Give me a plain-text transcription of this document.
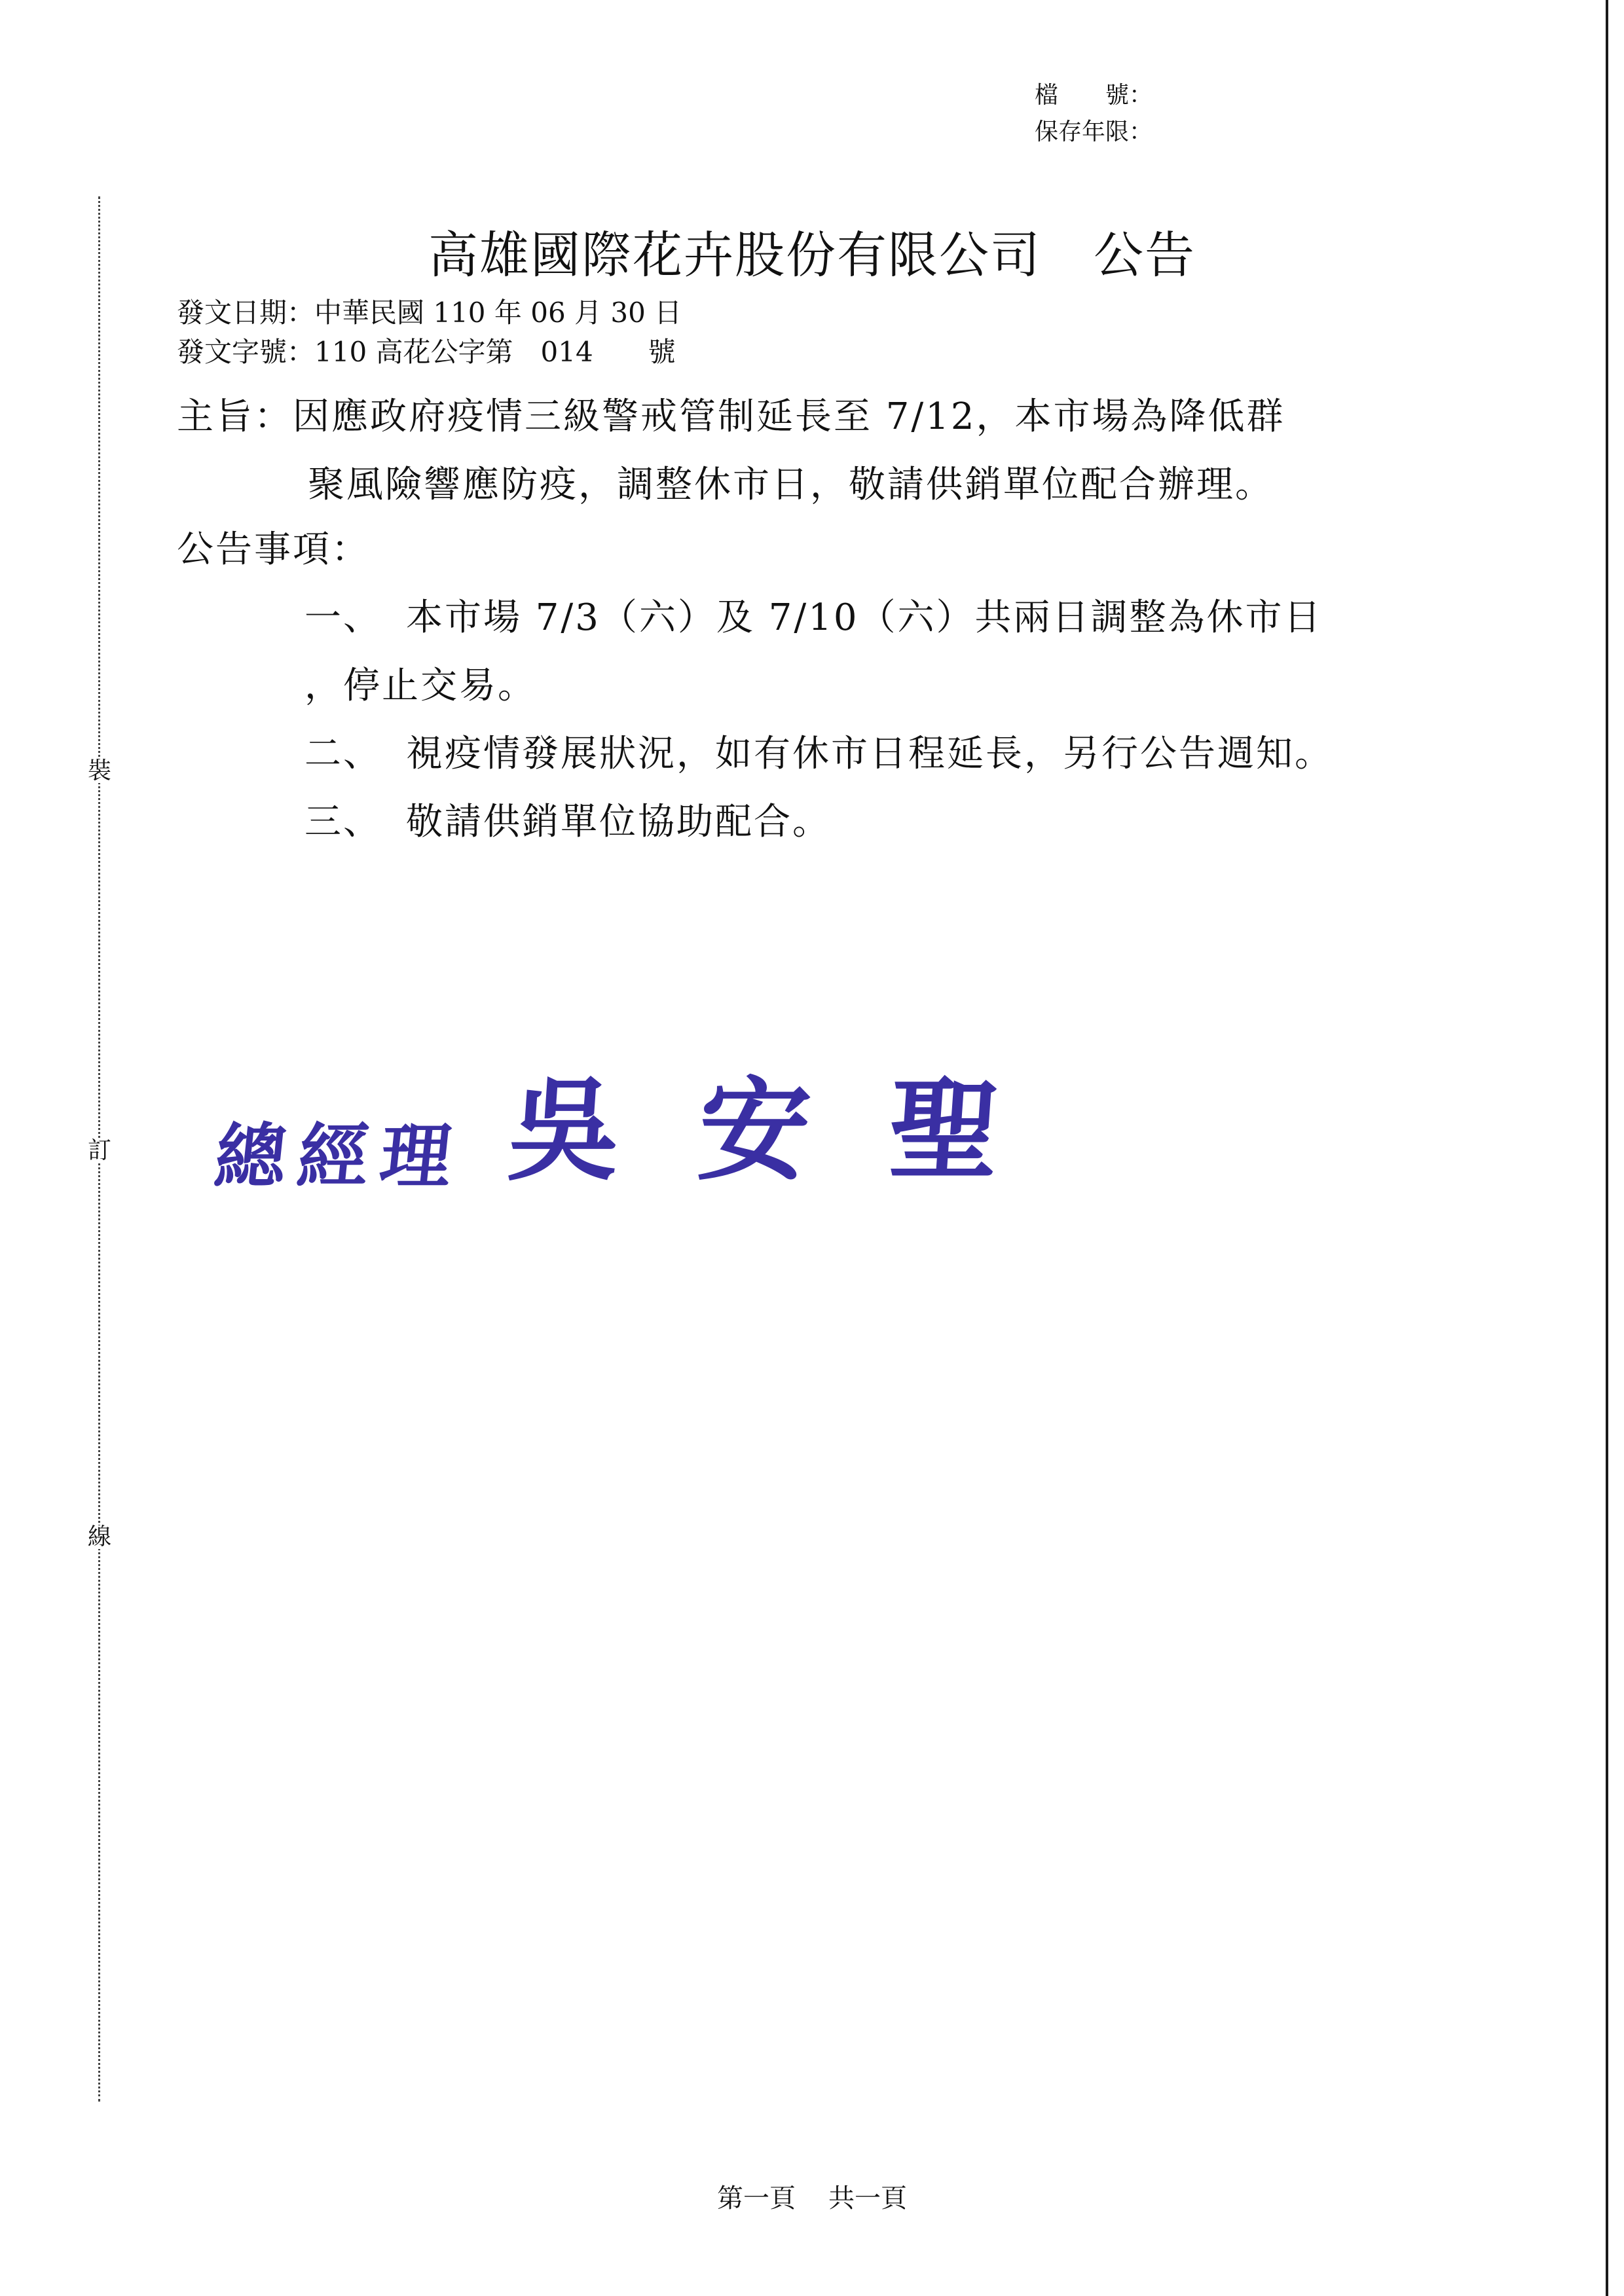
裝
訂
線
檔　　號：
保存年限：
高雄國際花卉股份有限公司 公告
發文日期：中華民國 110 年 06 月 30 日
發文字號：110 高花公字第　014　　號
主旨：因應政府疫情三級警戒管制延長至 7/12，本市場為降低群
聚風險響應防疫，調整休市日，敬請供銷單位配合辦理。
公告事項：
一、 本市場 7/3（六）及 7/10（六）共兩日調整為休市日
，停止交易。
二、 視疫情發展狀況，如有休市日程延長，另行公告週知。
三、 敬請供銷單位協助配合。
總經理 吳安聖
第一頁 共一頁
